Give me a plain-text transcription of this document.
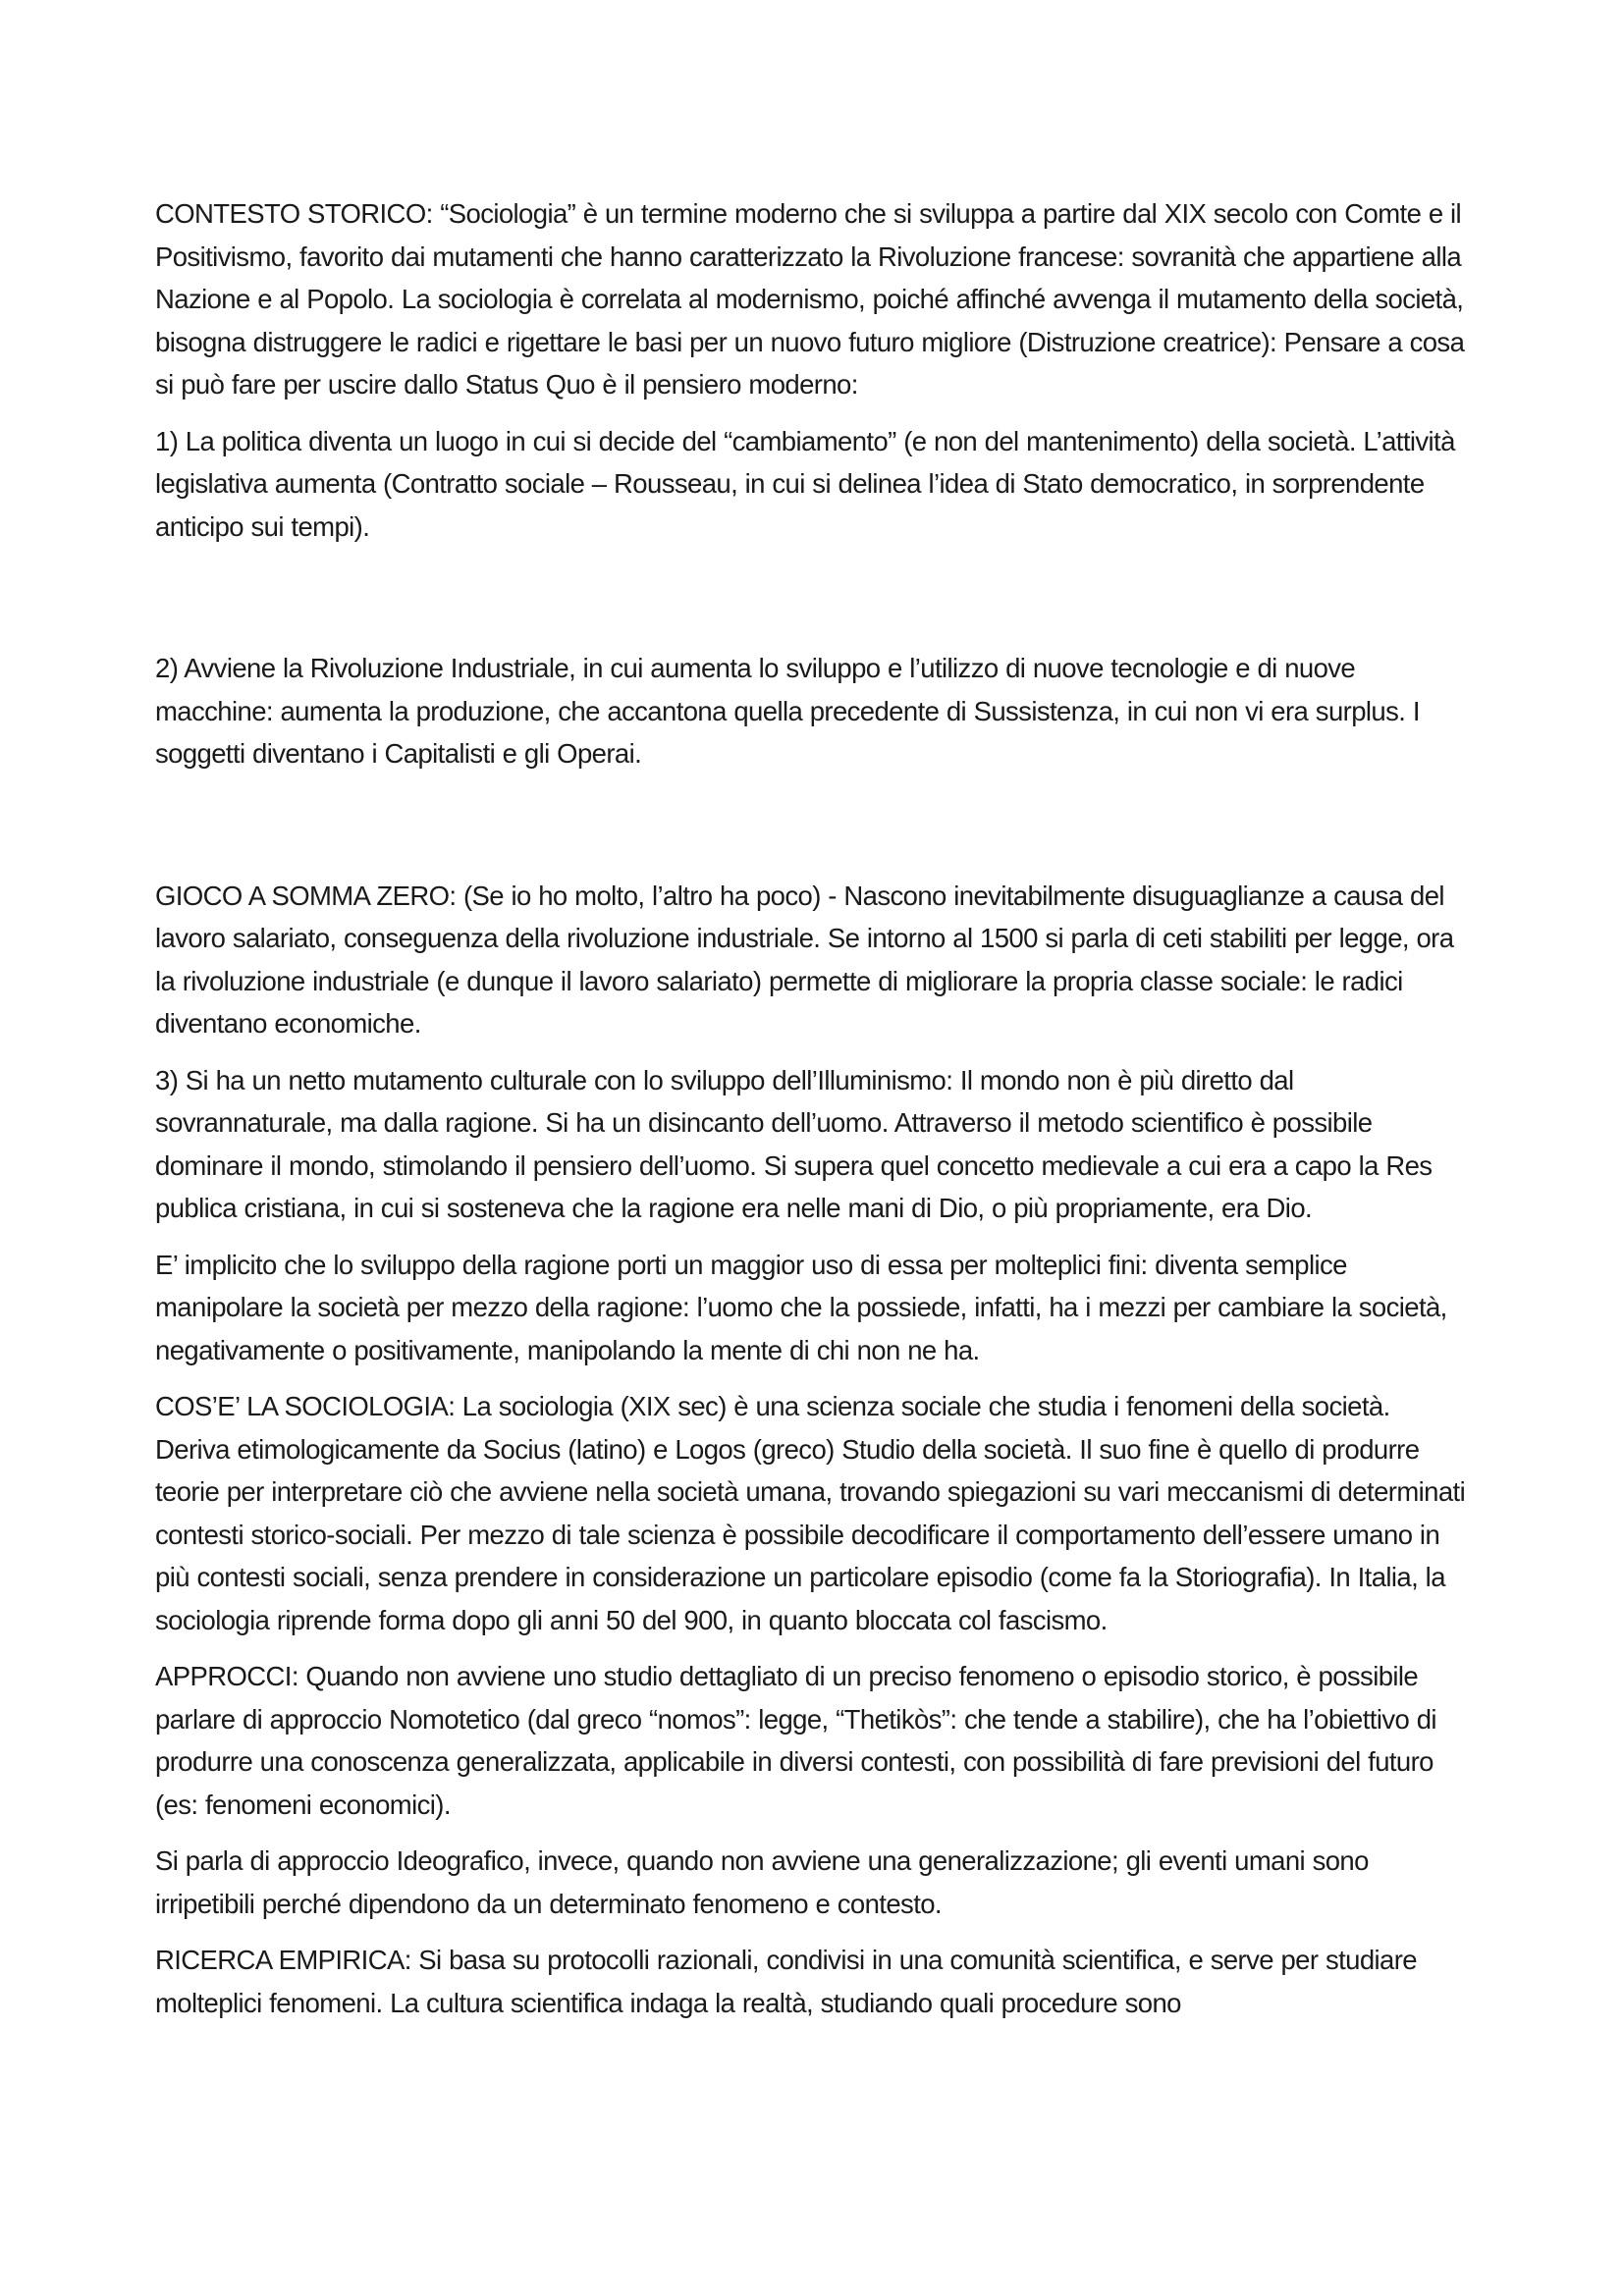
CONTESTO STORICO: “Sociologia” è un termine moderno che si sviluppa a partire dal XIX secolo con Comte e il Positivismo, favorito dai mutamenti che hanno caratterizzato la Rivoluzione francese: sovranità che appartiene alla Nazione e al Popolo. La sociologia è correlata al modernismo, poiché affinché avvenga il mutamento della società, bisogna distruggere le radici e rigettare le basi per un nuovo futuro migliore (Distruzione creatrice): Pensare a cosa si può fare per uscire dallo Status Quo è il pensiero moderno:

1) La politica diventa un luogo in cui si decide del “cambiamento” (e non del mantenimento) della società. L’attività legislativa aumenta (Contratto sociale – Rousseau, in cui si delinea l’idea di Stato democratico, in sorprendente anticipo sui tempi).

2) Avviene la Rivoluzione Industriale, in cui aumenta lo sviluppo e l’utilizzo di nuove tecnologie e di nuove macchine: aumenta la produzione, che accantona quella precedente di Sussistenza, in cui non vi era surplus. I soggetti diventano i Capitalisti e gli Operai.

GIOCO A SOMMA ZERO: (Se io ho molto, l’altro ha poco) - Nascono inevitabilmente disuguaglianze a causa del lavoro salariato, conseguenza della rivoluzione industriale. Se intorno al 1500 si parla di ceti stabiliti per legge, ora la rivoluzione industriale (e dunque il lavoro salariato) permette di migliorare la propria classe sociale: le radici diventano economiche.

3) Si ha un netto mutamento culturale con lo sviluppo dell’Illuminismo: Il mondo non è più diretto dal sovrannaturale, ma dalla ragione. Si ha un disincanto dell’uomo. Attraverso il metodo scientifico è possibile dominare il mondo, stimolando il pensiero dell’uomo. Si supera quel concetto medievale a cui era a capo la Res publica cristiana, in cui si sosteneva che la ragione era nelle mani di Dio, o più propriamente, era Dio.

E’ implicito che lo sviluppo della ragione porti un maggior uso di essa per molteplici fini: diventa semplice manipolare la società per mezzo della ragione: l’uomo che la possiede, infatti, ha i mezzi per cambiare la società, negativamente o positivamente, manipolando la mente di chi non ne ha.

COS’E’ LA SOCIOLOGIA: La sociologia (XIX sec) è una scienza sociale che studia i fenomeni della società. Deriva etimologicamente da Socius (latino) e Logos (greco) Studio della società. Il suo fine è quello di produrre teorie per interpretare ciò che avviene nella società umana, trovando spiegazioni su vari meccanismi di determinati contesti storico-sociali. Per mezzo di tale scienza è possibile decodificare il comportamento dell’essere umano in più contesti sociali, senza prendere in considerazione un particolare episodio (come fa la Storiografia). In Italia, la sociologia riprende forma dopo gli anni 50 del 900, in quanto bloccata col fascismo.

APPROCCI: Quando non avviene uno studio dettagliato di un preciso fenomeno o episodio storico, è possibile parlare di approccio Nomotetico (dal greco “nomos”: legge, “Thetikòs”: che tende a stabilire), che ha l’obiettivo di produrre una conoscenza generalizzata, applicabile in diversi contesti, con possibilità di fare previsioni del futuro (es: fenomeni economici).

Si parla di approccio Ideografico, invece, quando non avviene una generalizzazione; gli eventi umani sono irripetibili perché dipendono da un determinato fenomeno e contesto.

RICERCA EMPIRICA: Si basa su protocolli razionali, condivisi in una comunità scientifica, e serve per studiare molteplici fenomeni. La cultura scientifica indaga la realtà, studiando quali procedure sono
